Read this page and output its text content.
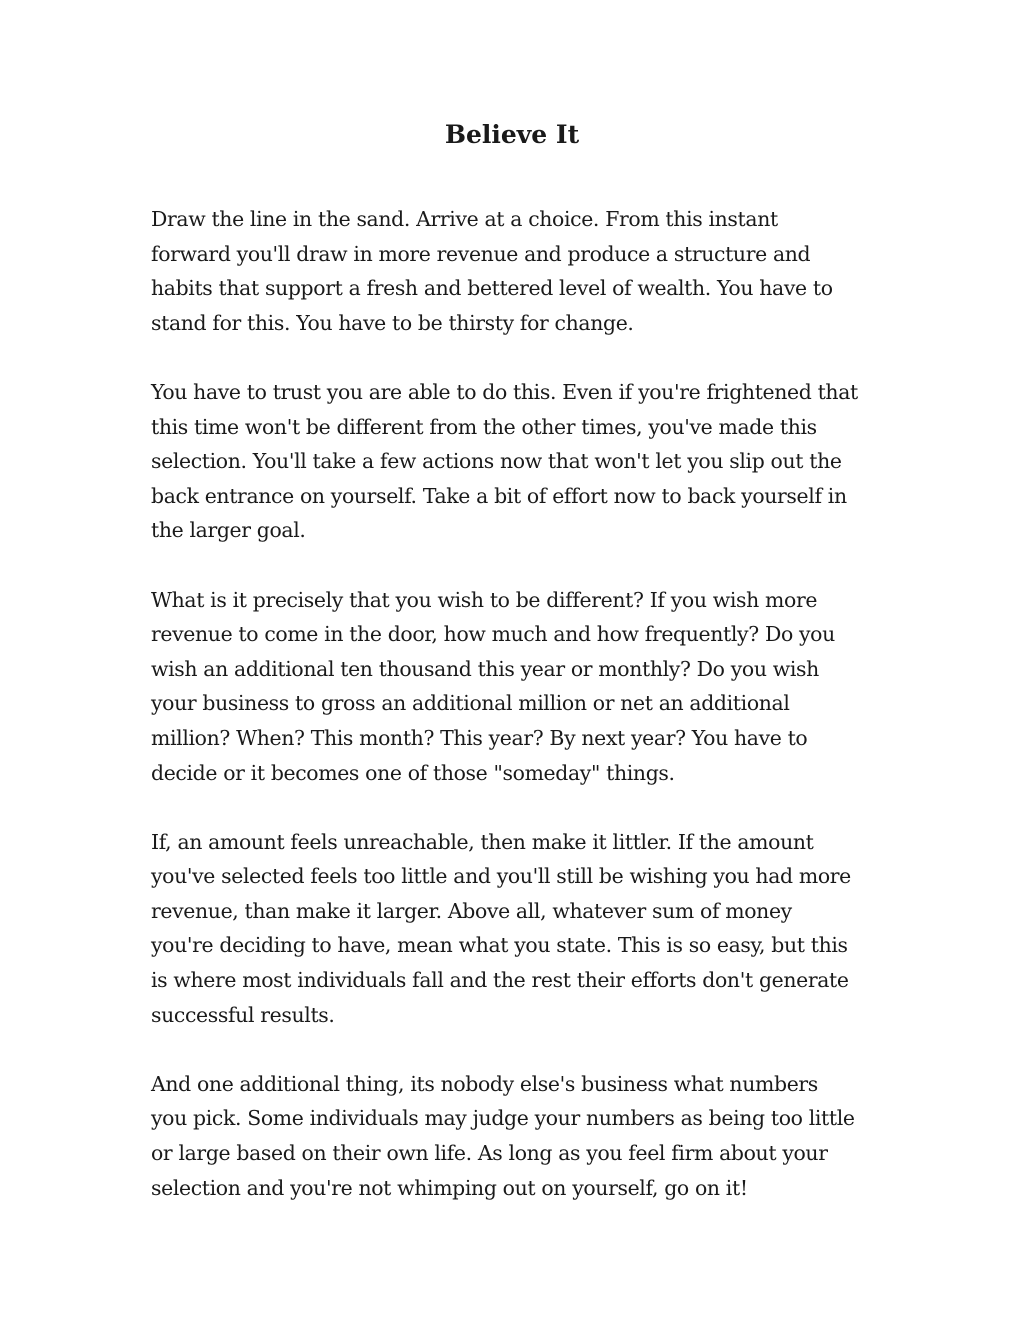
Believe It

Draw the line in the sand. Arrive at a choice. From this instant
forward you'll draw in more revenue and produce a structure and
habits that support a fresh and bettered level of wealth. You have to
stand for this. You have to be thirsty for change.

You have to trust you are able to do this. Even if you're frightened that
this time won't be different from the other times, you've made this
selection. You'll take a few actions now that won't let you slip out the
back entrance on yourself. Take a bit of effort now to back yourself in
the larger goal.

What is it precisely that you wish to be different? If you wish more
revenue to come in the door, how much and how frequently? Do you
wish an additional ten thousand this year or monthly? Do you wish
your business to gross an additional million or net an additional
million? When? This month? This year? By next year? You have to
decide or it becomes one of those "someday" things.

If, an amount feels unreachable, then make it littler. If the amount
you've selected feels too little and you'll still be wishing you had more
revenue, than make it larger. Above all, whatever sum of money
you're deciding to have, mean what you state. This is so easy, but this
is where most individuals fall and the rest their efforts don't generate
successful results.

And one additional thing, its nobody else's business what numbers
you pick. Some individuals may judge your numbers as being too little
or large based on their own life. As long as you feel firm about your
selection and you're not whimping out on yourself, go on it!
